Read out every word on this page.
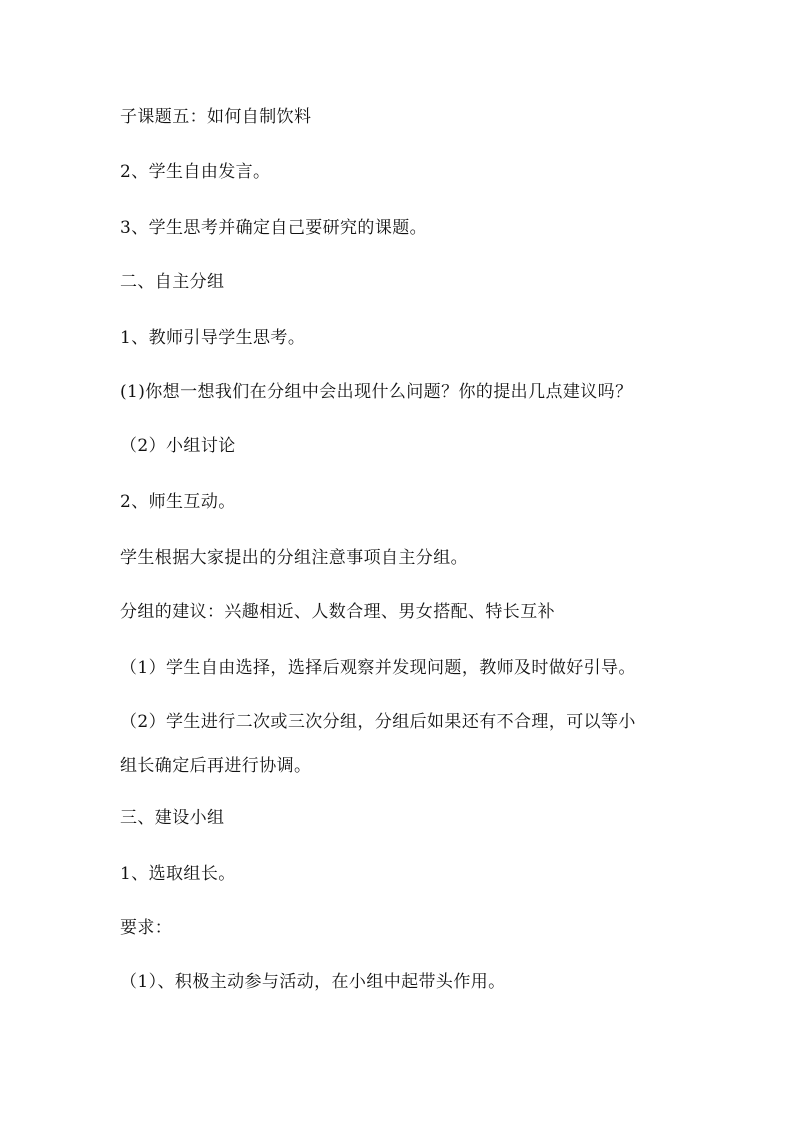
子课题五：如何自制饮料
2、学生自由发言。
3、学生思考并确定自己要研究的课题。
二、自主分组
1、教师引导学生思考。
(1)你想一想我们在分组中会出现什么问题？你的提出几点建议吗？
（2）小组讨论
2、师生互动。
学生根据大家提出的分组注意事项自主分组。
分组的建议：兴趣相近、人数合理、男女搭配、特长互补
（1）学生自由选择，选择后观察并发现问题，教师及时做好引导。
（2）学生进行二次或三次分组，分组后如果还有不合理，可以等小
组长确定后再进行协调。
三、建设小组
1、选取组长。
要求：
（1）、积极主动参与活动，在小组中起带头作用。
